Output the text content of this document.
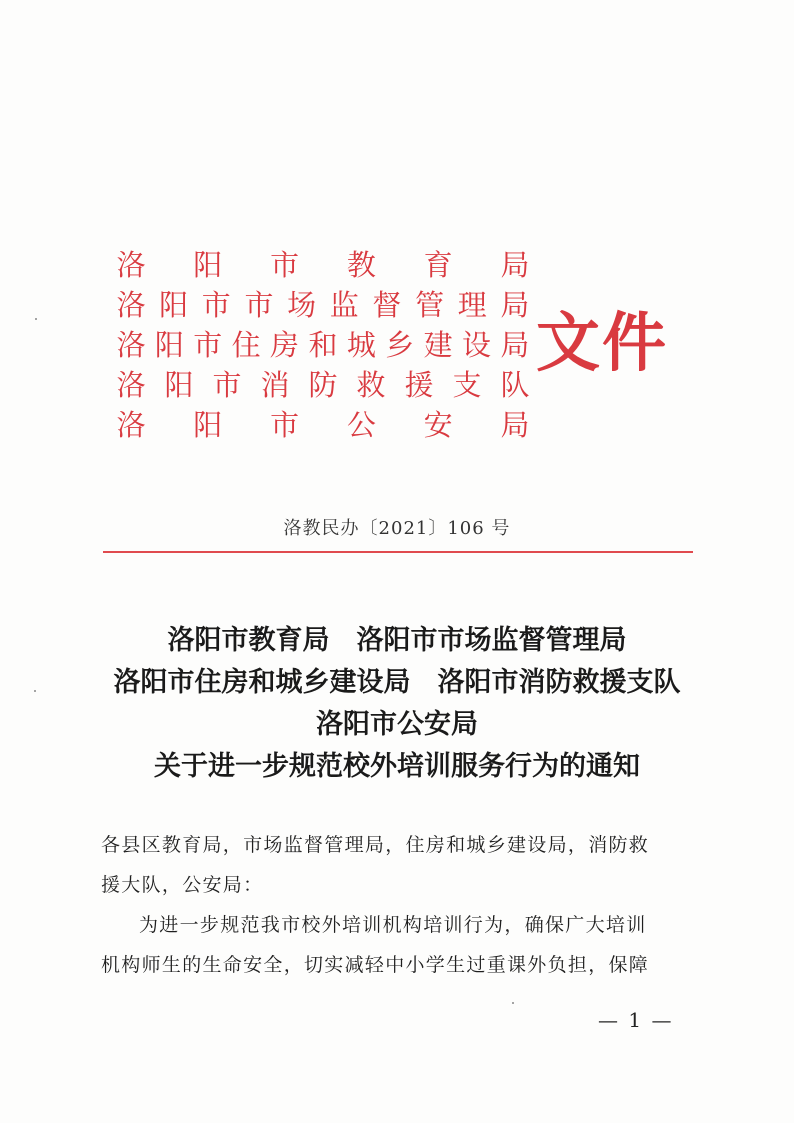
洛 阳 市 教 育 局
洛 阳 市 市 场 监 督 管 理 局
洛 阳 市 住 房 和 城 乡 建 设 局
洛 阳 市 消 防 救 援 支 队
洛 阳 市 公 安 局
文件
洛教民办〔2021〕106 号
洛阳市教育局　洛阳市市场监督管理局
洛阳市住房和城乡建设局　洛阳市消防救援支队
洛阳市公安局
关于进一步规范校外培训服务行为的通知

各县区教育局，市场监督管理局，住房和城乡建设局，消防救

援大队，公安局：

为进一步规范我市校外培训机构培训行为，确保广大培训

机构师生的生命安全，切实减轻中小学生过重课外负担，保障

— 1 —
